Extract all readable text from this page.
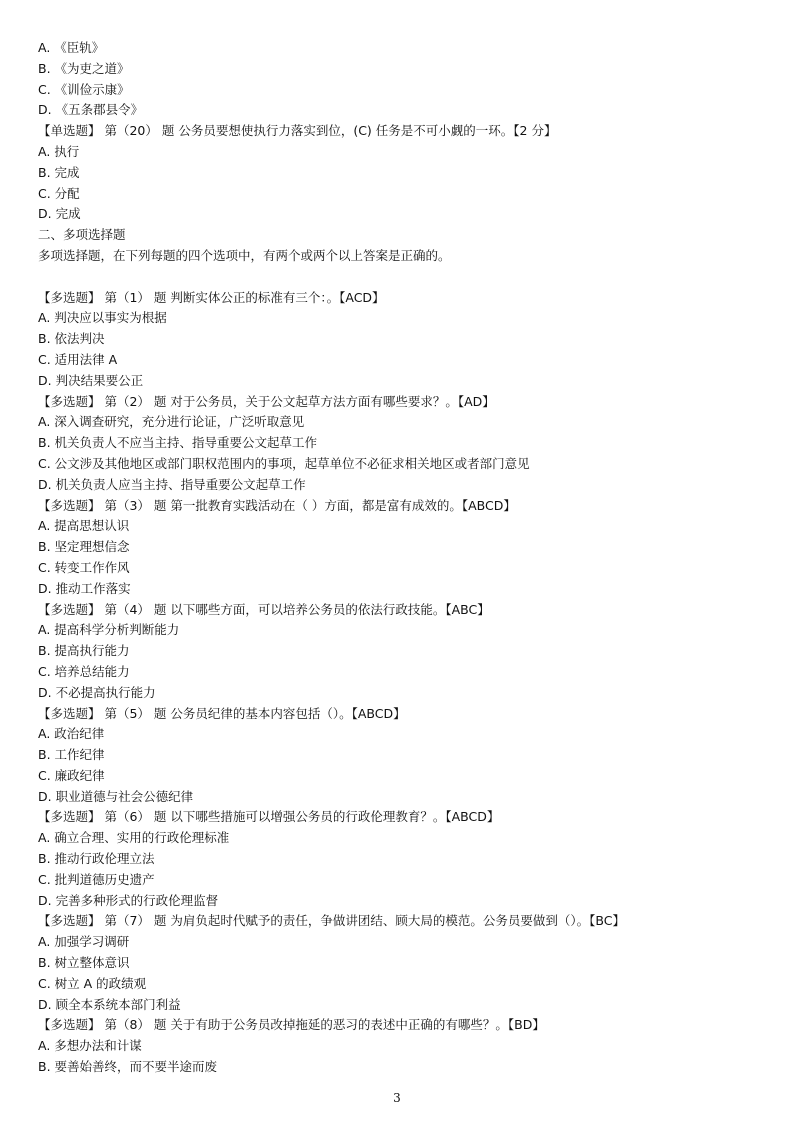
A. 《臣轨》
B. 《为吏之道》
C. 《训俭示康》
D. 《五条郡县令》
【单选题】 第（20） 题 公务员要想使执行力落实到位，(C) 任务是不可小觑的一环。【2 分】
A. 执行
B. 完成
C. 分配
D. 完成
二、多项选择题
多项选择题，在下列每题的四个选项中，有两个或两个以上答案是正确的。
【多选题】 第（1） 题 判断实体公正的标准有三个：。【ACD】
A. 判决应以事实为根据
B. 依法判决
C. 适用法律 A
D. 判决结果要公正
【多选题】 第（2） 题 对于公务员，关于公文起草方法方面有哪些要求？。【AD】
A. 深入调查研究，充分进行论证，广泛听取意见
B. 机关负责人不应当主持、指导重要公文起草工作
C. 公文涉及其他地区或部门职权范围内的事项，起草单位不必征求相关地区或者部门意见
D. 机关负责人应当主持、指导重要公文起草工作
【多选题】 第（3） 题 第一批教育实践活动在（ ）方面，都是富有成效的。【ABCD】
A. 提高思想认识
B. 坚定理想信念
C. 转变工作作风
D. 推动工作落实
【多选题】 第（4） 题 以下哪些方面，可以培养公务员的依法行政技能。【ABC】
A. 提高科学分析判断能力
B. 提高执行能力
C. 培养总结能力
D. 不必提高执行能力
【多选题】 第（5） 题 公务员纪律的基本内容包括（）。【ABCD】
A. 政治纪律
B. 工作纪律
C. 廉政纪律
D. 职业道德与社会公德纪律
【多选题】 第（6） 题 以下哪些措施可以增强公务员的行政伦理教育？。【ABCD】
A. 确立合理、实用的行政伦理标准
B. 推动行政伦理立法
C. 批判道德历史遗产
D. 完善多种形式的行政伦理监督
【多选题】 第（7） 题 为肩负起时代赋予的责任，争做讲团结、顾大局的模范。公务员要做到（）。【BC】
A. 加强学习调研
B. 树立整体意识
C. 树立 A 的政绩观
D. 顾全本系统本部门利益
【多选题】 第（8） 题 关于有助于公务员改掉拖延的恶习的表述中正确的有哪些？。【BD】
A. 多想办法和计谋
B. 要善始善终，而不要半途而废
3
